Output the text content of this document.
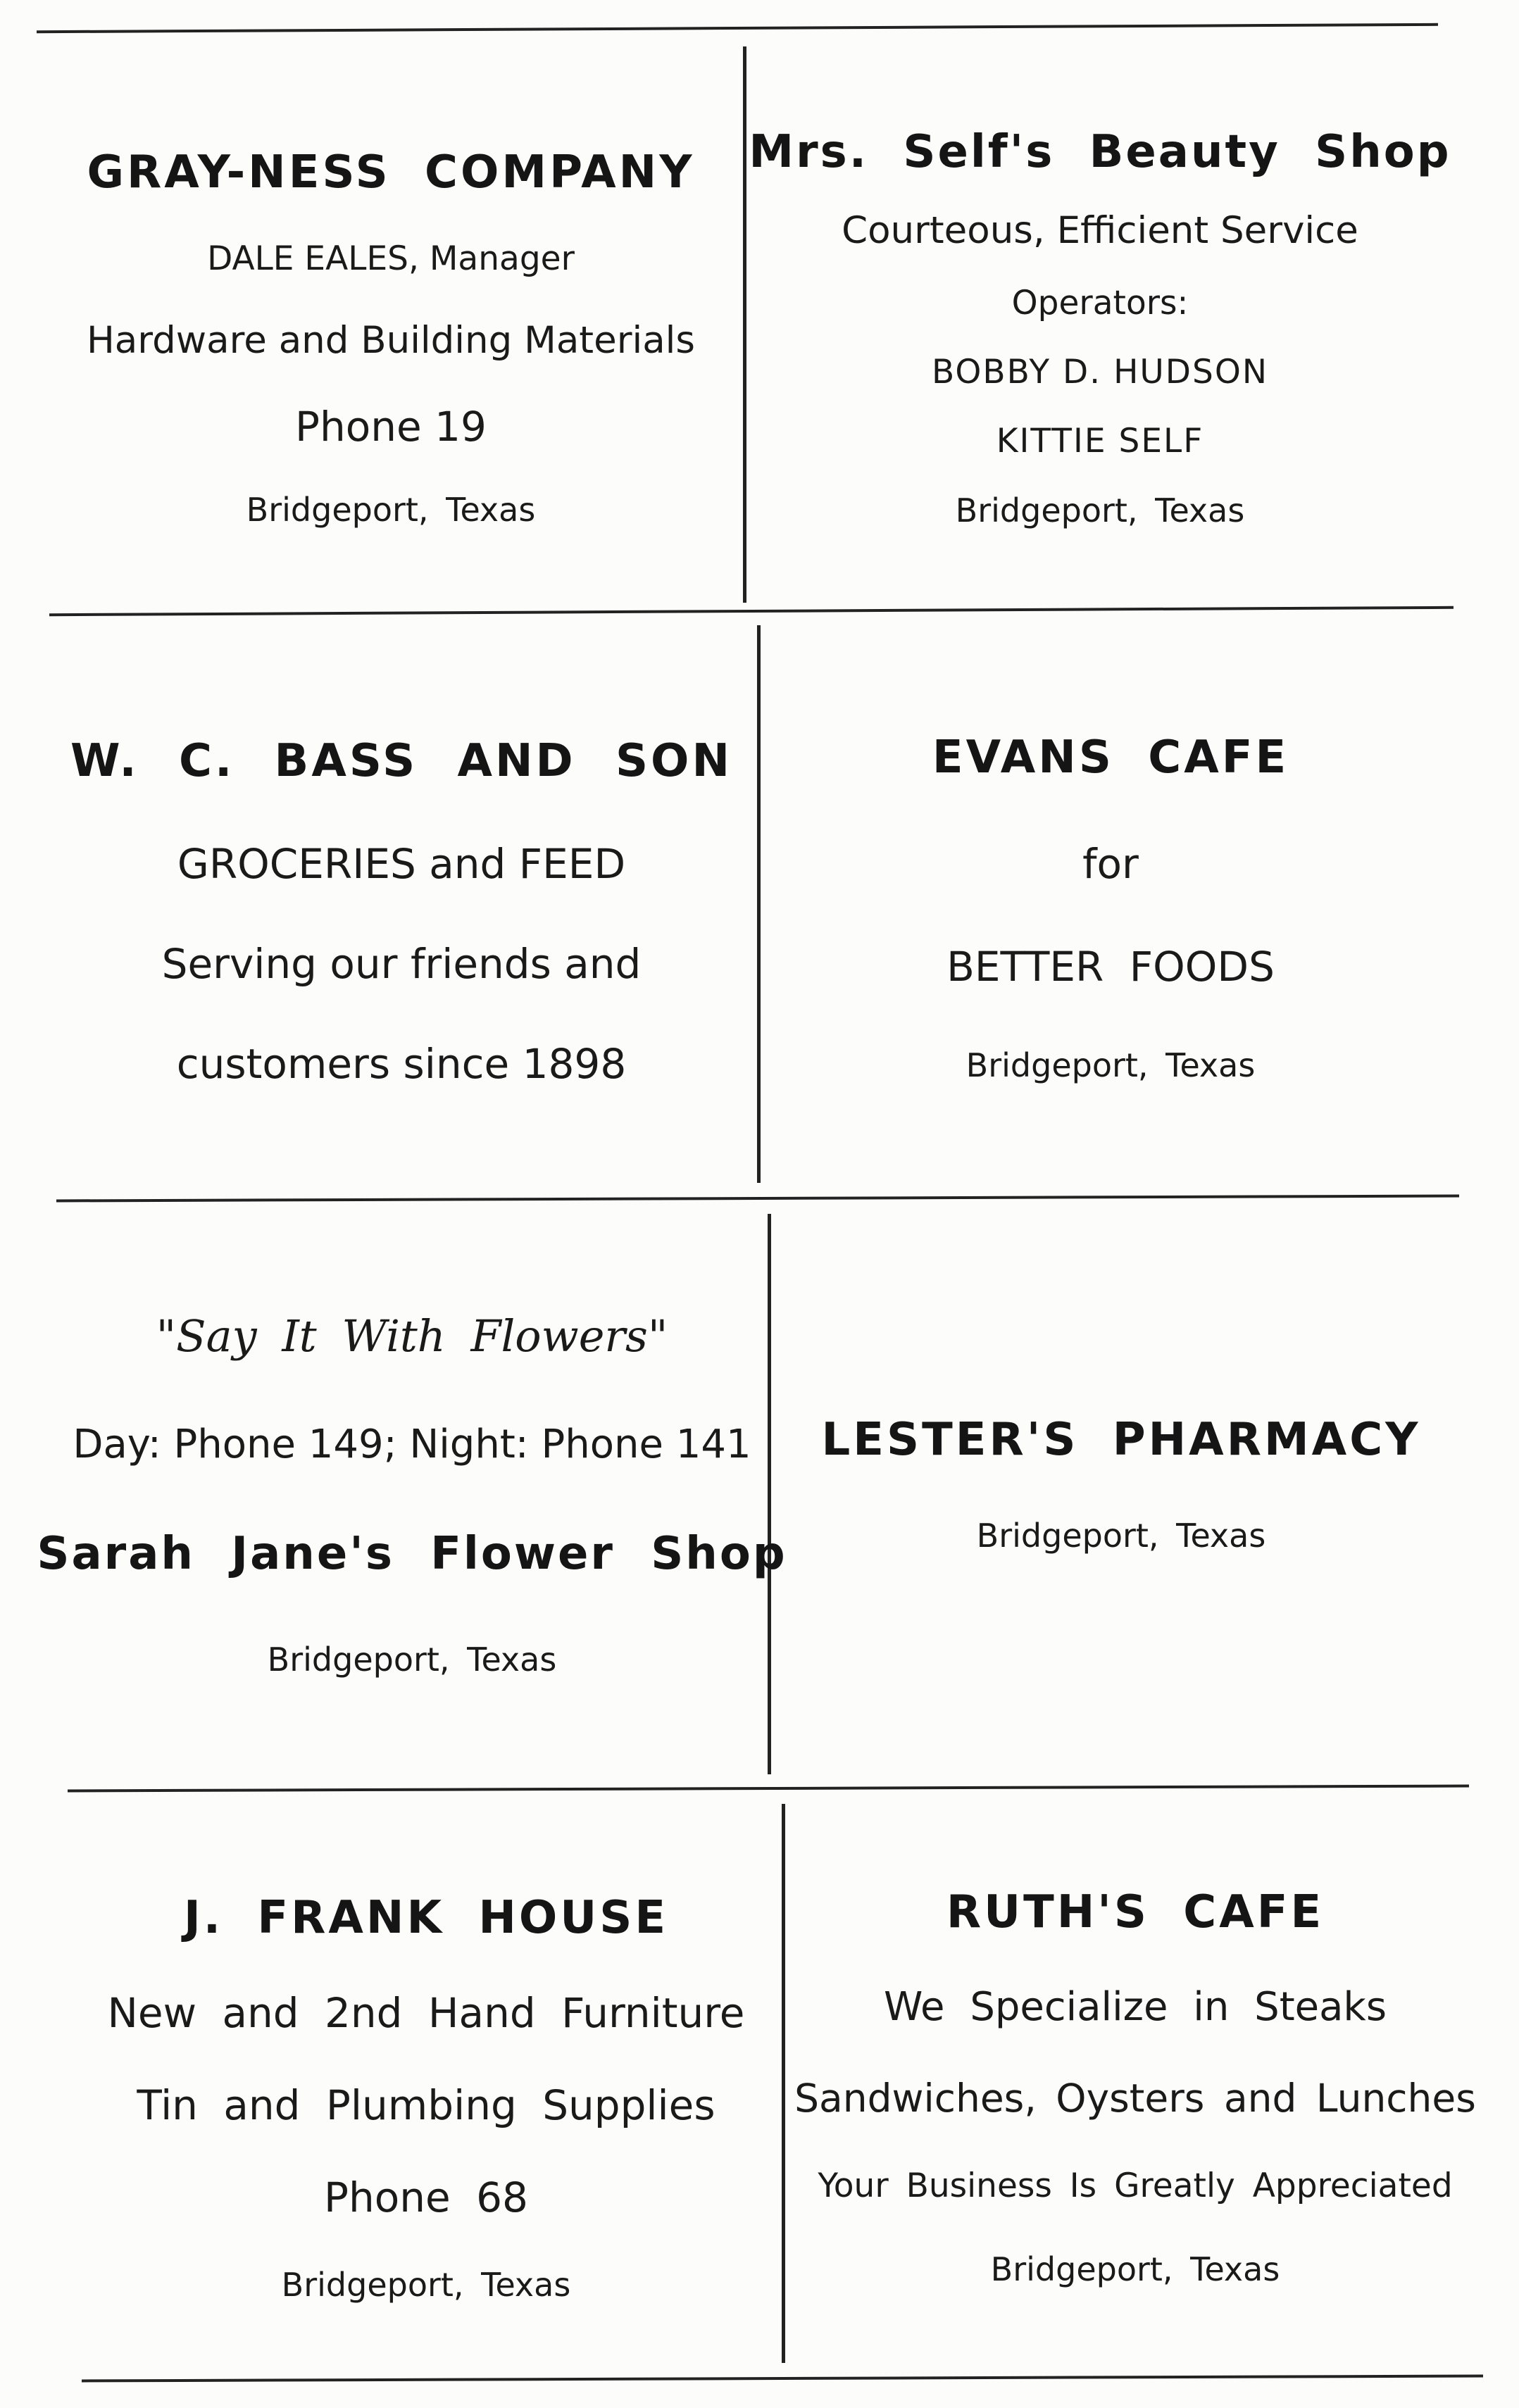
GRAY-NESS COMPANY
DALE EALES, Manager
Hardware and Building Materials
Phone 19
Bridgeport, Texas
Mrs. Self's Beauty Shop
Courteous, Efficient Service
Operators:
BOBBY D. HUDSON
KITTIE SELF
Bridgeport, Texas
W. C. BASS AND SON
GROCERIES and FEED
Serving our friends and
customers since 1898
EVANS CAFE
for
BETTER FOODS
Bridgeport, Texas
"Say It With Flowers"
Day: Phone 149; Night: Phone 141
Sarah Jane's Flower Shop
Bridgeport, Texas
LESTER'S PHARMACY
Bridgeport, Texas
J. FRANK HOUSE
New and 2nd Hand Furniture
Tin and Plumbing Supplies
Phone 68
Bridgeport, Texas
RUTH'S CAFE
We Specialize in Steaks
Sandwiches, Oysters and Lunches
Your Business Is Greatly Appreciated
Bridgeport, Texas
